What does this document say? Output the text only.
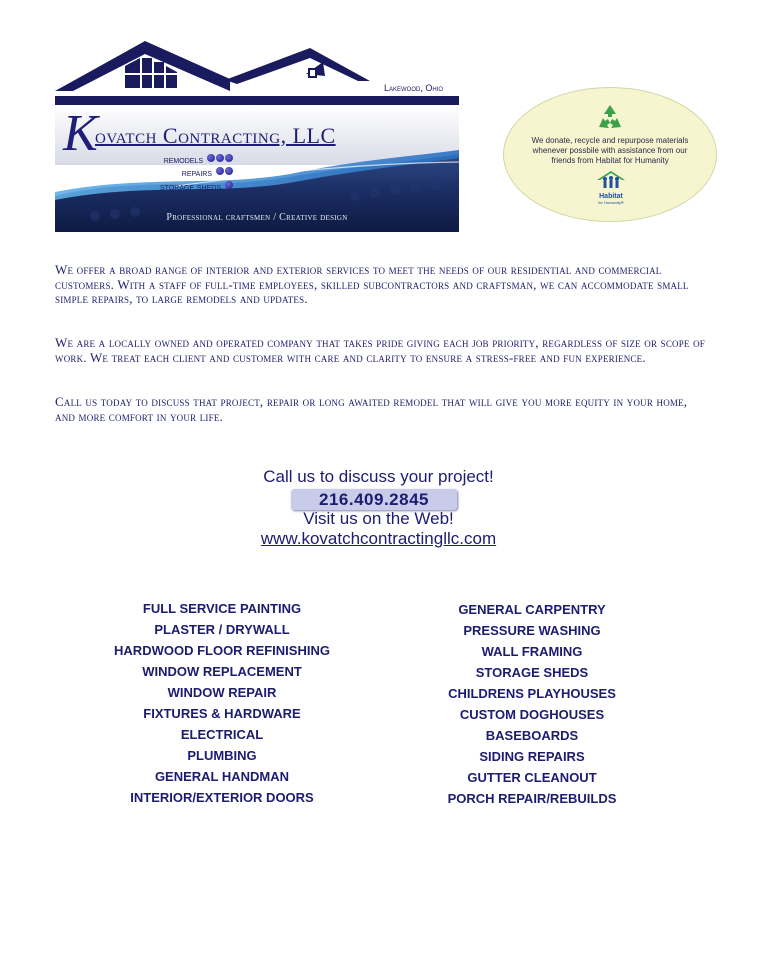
Lakewood, Ohio
K
ovatch Contracting, LLC
remodels
repairs
storage sheds
Professional craftsmen / Creative design
We donate, recycle and repurpose materials whenever possbile with assistance from our friends from Habitat for Humanity
Habitat
for Humanity®
We offer a broad range of interior and exterior services to meet the needs of our residential and commercial customers. With a staff of full-time employees, skilled subcontractors and craftsman, we can accommodate small simple repairs, to large remodels and updates.
We are a locally owned and operated company that takes pride giving each job priority, regardless of size or scope of work. We treat each client and customer with care and clarity to ensure a stress-free and fun experience.
Call us today to discuss that project, repair or long awaited remodel that will give you more equity in your home, and more comfort in your life.
Call us to discuss your project!
216.409.2845
Visit us on the Web!
www.kovatchcontractingllc.com
FULL SERVICE PAINTING
PLASTER / DRYWALL
HARDWOOD FLOOR REFINISHING
WINDOW REPLACEMENT
WINDOW REPAIR
FIXTURES & HARDWARE
ELECTRICAL
PLUMBING
GENERAL HANDMAN
INTERIOR/EXTERIOR DOORS
GENERAL CARPENTRY
PRESSURE WASHING
WALL FRAMING
STORAGE SHEDS
CHILDRENS PLAYHOUSES
CUSTOM DOGHOUSES
BASEBOARDS
SIDING REPAIRS
GUTTER CLEANOUT
PORCH REPAIR/REBUILDS
